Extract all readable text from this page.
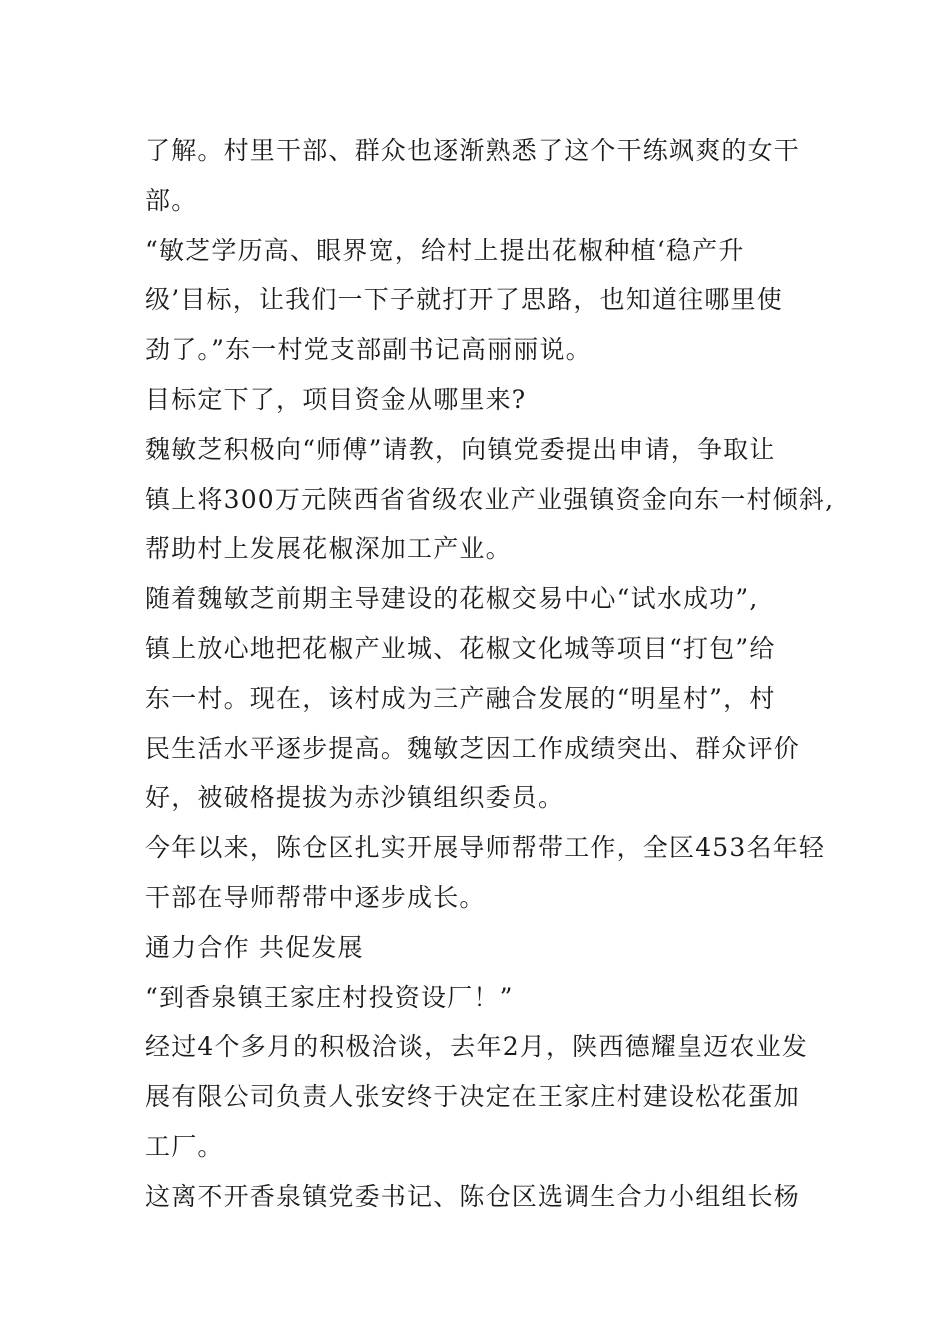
了解。村里干部、群众也逐渐熟悉了这个干练飒爽的女干
部。
“敏芝学历高、眼界宽，给村上提出花椒种植‘稳产升
级’目标，让我们一下子就打开了思路，也知道往哪里使
劲了。”东一村党支部副书记高丽丽说。
目标定下了，项目资金从哪里来?
魏敏芝积极向“师傅”请教，向镇党委提出申请，争取让
镇上将300万元陕西省省级农业产业强镇资金向东一村倾斜,
帮助村上发展花椒深加工产业。
随着魏敏芝前期主导建设的花椒交易中心“试水成功”,
镇上放心地把花椒产业城、花椒文化城等项目“打包”给
东一村。现在，该村成为三产融合发展的“明星村”，村
民生活水平逐步提高。魏敏芝因工作成绩突出、群众评价
好，被破格提拔为赤沙镇组织委员。
今年以来，陈仓区扎实开展导师帮带工作，全区453名年轻
干部在导师帮带中逐步成长。
通力合作 共促发展
“到香泉镇王家庄村投资设厂！”
经过4个多月的积极洽谈，去年2月，陕西德耀皇迈农业发
展有限公司负责人张安终于决定在王家庄村建设松花蛋加
工厂。
这离不开香泉镇党委书记、陈仓区选调生合力小组组长杨
